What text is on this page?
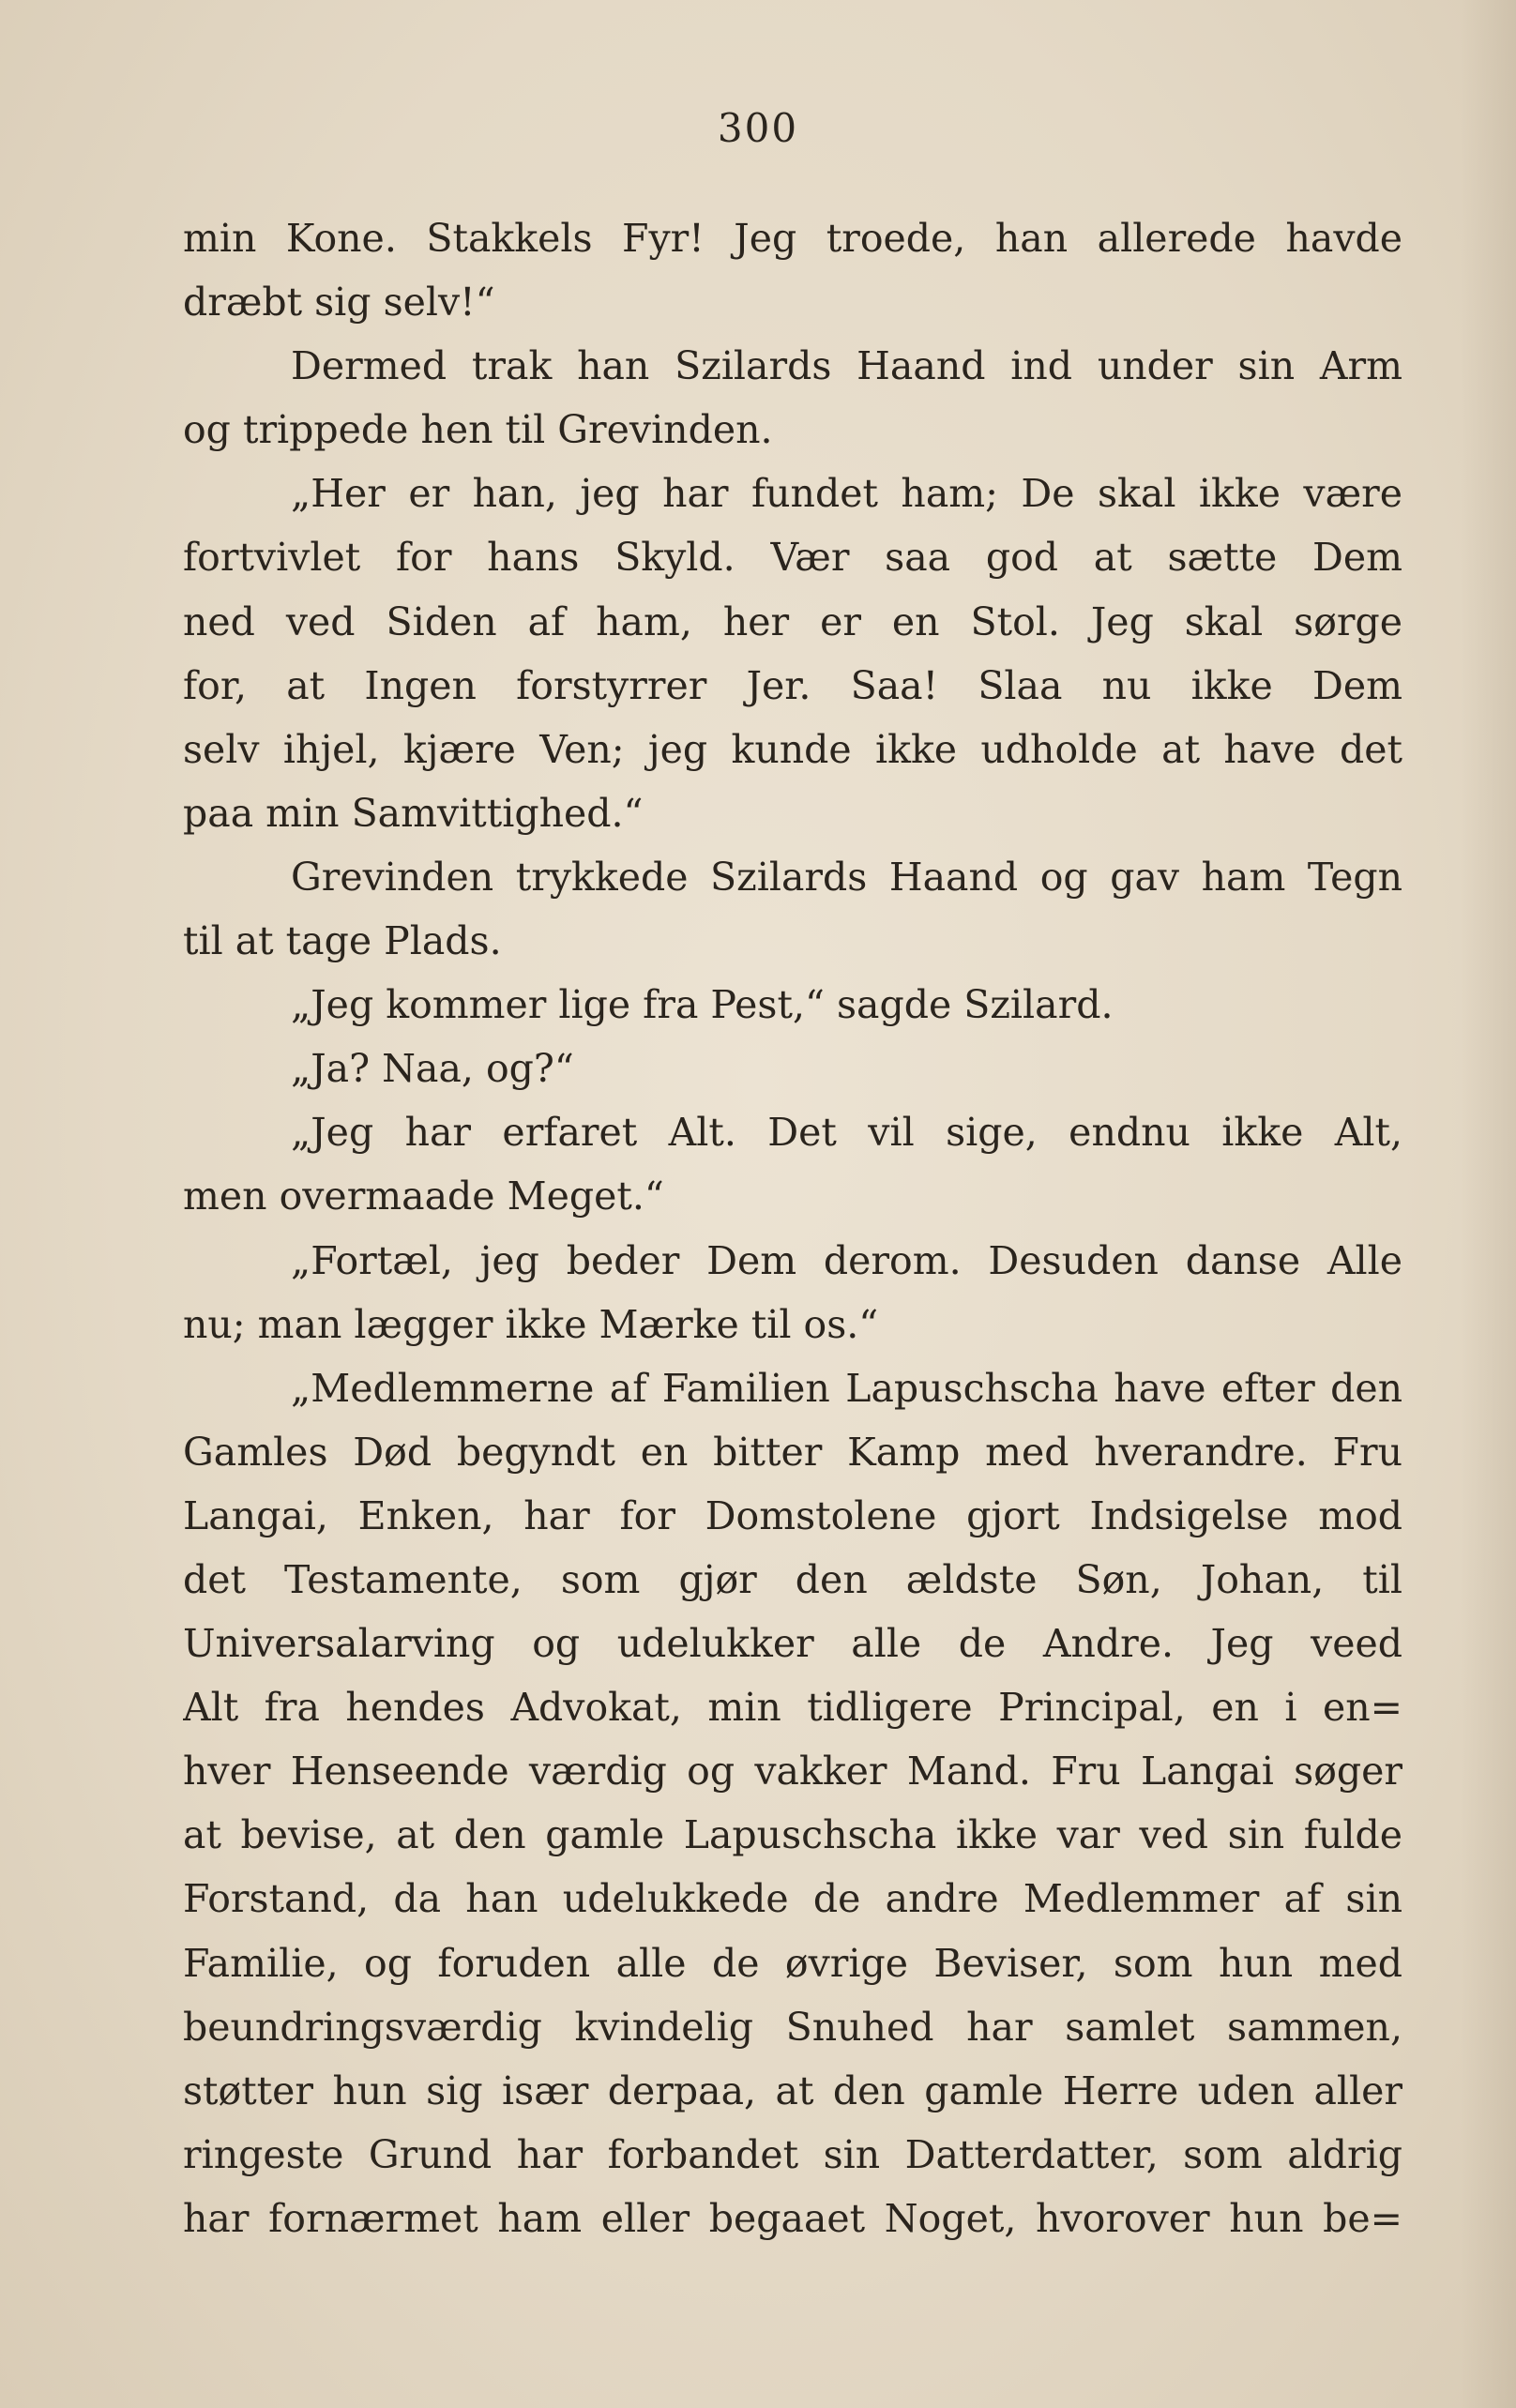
300
min Kone. Stakkels Fyr! Jeg troede, han allerede havde
dræbt sig selv!“
Dermed trak han Szilards Haand ind under sin Arm
og trippede hen til Grevinden.
„Her er han, jeg har fundet ham; De skal ikke være
fortvivlet for hans Skyld. Vær saa god at sætte Dem
ned ved Siden af ham, her er en Stol. Jeg skal sørge
for, at Ingen forstyrrer Jer. Saa! Slaa nu ikke Dem
selv ihjel, kjære Ven; jeg kunde ikke udholde at have det
paa min Samvittighed.“
Grevinden trykkede Szilards Haand og gav ham Tegn
til at tage Plads.
„Jeg kommer lige fra Pest,“ sagde Szilard.
„Ja? Naa, og?“
„Jeg har erfaret Alt. Det vil sige, endnu ikke Alt,
men overmaade Meget.“
„Fortæl, jeg beder Dem derom. Desuden danse Alle
nu; man lægger ikke Mærke til os.“
„Medlemmerne af Familien Lapuschscha have efter den
Gamles Død begyndt en bitter Kamp med hverandre. Fru
Langai, Enken, har for Domstolene gjort Indsigelse mod
det Testamente, som gjør den ældste Søn, Johan, til
Universalarving og udelukker alle de Andre. Jeg veed
Alt fra hendes Advokat, min tidligere Principal, en i en=
hver Henseende værdig og vakker Mand. Fru Langai søger
at bevise, at den gamle Lapuschscha ikke var ved sin fulde
Forstand, da han udelukkede de andre Medlemmer af sin
Familie, og foruden alle de øvrige Beviser, som hun med
beundringsværdig kvindelig Snuhed har samlet sammen,
støtter hun sig især derpaa, at den gamle Herre uden aller
ringeste Grund har forbandet sin Datterdatter, som aldrig
har fornærmet ham eller begaaet Noget, hvorover hun be=
